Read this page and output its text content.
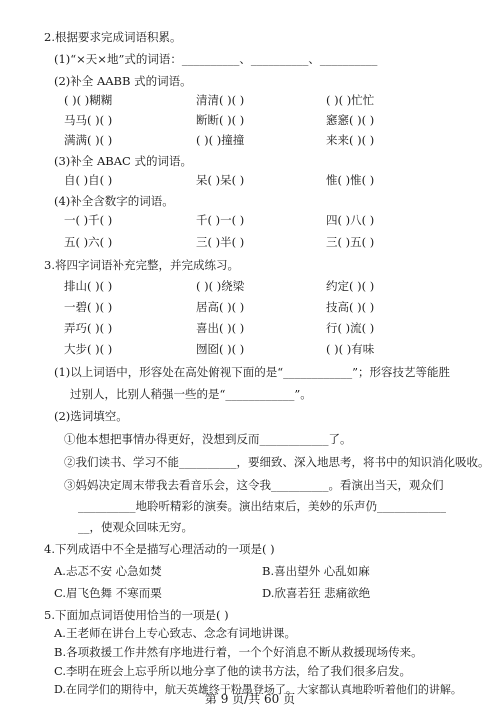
2.根据要求完成词语积累。
(1)“×天×地”式的词语：__________、__________、__________
(2)补全 AABB 式的词语。
( )( )糊糊	清清( )( )	( )( )忙忙
马马( )( )	断断( )( )	窸窸( )( )
满满( )( )	( )( )撞撞	来来( )( )
(3)补全 ABAC 式的词语。
自( )自( )	呆( )呆( )	惟( )惟( )
(4)补全含数字的词语。
一( )千( )	千( )一( )	四( )八( )
五( )六( )	三( )半( )	三( )五( )
3.将四字词语补充完整，并完成练习。
排山( )( )	( )( )绕梁	约定( )( )
一碧( )( )	居高( )( )	技高( )( )
弄巧( )( )	喜出( )( )	行( )流( )
大步( )( )	囫囵( )( )	( )( )有味
(1)以上词语中，形容处在高处俯视下面的是“____________”；形容技艺等能胜
过别人，比别人稍强一些的是“____________”。
(2)选词填空。
①他本想把事情办得更好，没想到反而____________了。
②我们读书、学习不能__________，要细致、深入地思考，将书中的知识消化吸收。
③妈妈决定周末带我去看音乐会，这令我__________。看演出当天，观众们
__________地聆听精彩的演奏。演出结束后，美妙的乐声仍____________
__，使观众回味无穷。
4.下列成语中不全是描写心理活动的一项是( )
A.忐忑不安 心急如焚	B.喜出望外 心乱如麻
C.眉飞色舞 不寒而栗	D.欣喜若狂 悲痛欲绝
5.下面加点词语使用恰当的一项是( )
A.王老师在讲台上专心致志、念念有词地讲课。
B.各项救援工作井然有序地进行着，一个个好消息不断从救援现场传来。
C.李明在班会上忘乎所以地分享了他的读书方法，给了我们很多启发。
第 9 页/共 60 页
D.在同学们的期待中，航天英雄终于粉墨登场了。大家都认真地聆听着他们的讲解。
